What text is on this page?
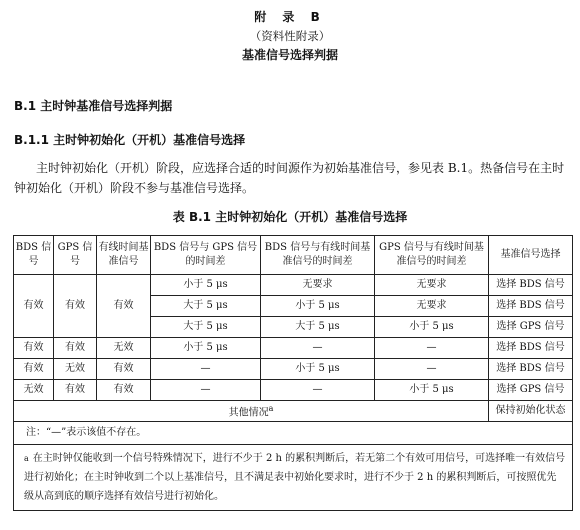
附 录 B
（资料性附录）
基准信号选择判据
B.1 主时钟基准信号选择判据
B.1.1 主时钟初始化（开机）基准信号选择
主时钟初始化（开机）阶段，应选择合适的时间源作为初始基准信号，参见表 B.1。热备信号在主时钟初始化（开机）阶段不参与基准信号选择。
表 B.1 主时钟初始化（开机）基准信号选择
BDS 信号	GPS 信号	有线时间基准信号	BDS 信号与 GPS 信号的时间差	BDS 信号与有线时间基准信号的时间差	GPS 信号与有线时间基准信号的时间差	基准信号选择
有效	有效	有效	小于 5 μs	无要求	无要求	选择 BDS 信号
			大于 5 μs	小于 5 μs	无要求	选择 BDS 信号
			大于 5 μs	大于 5 μs	小于 5 μs	选择 GPS 信号
有效	有效	无效	小于 5 μs	—	—	选择 BDS 信号
有效	无效	有效	—	小于 5 μs	—	选择 BDS 信号
无效	有效	有效	—	—	小于 5 μs	选择 GPS 信号
其他情况$^a$						保持初始化状态
注：“—”表示该值不存在。						
$^a$ 在主时钟仅能收到一个信号特殊情况下，进行不少于 2 h 的累积判断后，若无第二个有效可用信号，可选择唯一有效信号进行初始化；在主时钟收到二个以上基准信号，且不满足表中初始化要求时，进行不少于 2 h 的累积判断后，可按照优先级从高到底的顺序选择有效信号进行初始化。						
